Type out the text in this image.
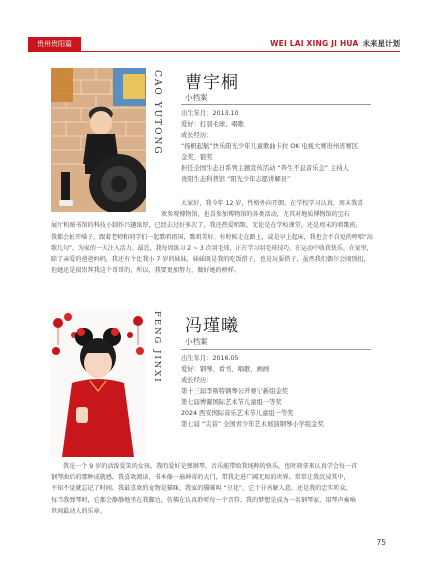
贵州贵阳篇	WEI LAI XING JI HUA 未来星计划
CAO YUTONG 曹宇桐
小档案
出生年月：2013.10
爱好：打羽毛球、唱歌
成长经历：
“扬帆起航”快乐阳光少年儿童歌曲卡拉 OK 电视大赛贵州省赛区
金奖、银奖
担任全国生态日系列主题宣传活动 “奔生不息音乐会” 主持人
贵阳生态科普馆 “阳光少年志愿讲解员”
大家好，我今年 12 岁，性格外向开朗，在学校学习认真，周末我喜
欢参观博物馆，也喜参加博物馆的各类活动，尤其对地质博物馆的宝石
展厅和图书馆的科技小制作兴趣浓厚，已经去过好多次了，我还热爱唱歌，无论是在学校课堂，还是周末的唱歌班，
我都会扯开嗓子，跟着老师和同学们一起歌唱祖国，歌唱美好。有时候走在路上，或是早上起床，我也会不自觉的哼唱“高
歌几句”，为家的一天注入活力。最近，我每周练习 2 ~ 3 次羽毛球，正在学习羽毛球技巧，在运动中收获快乐。在家里，
除了亲爱的爸爸妈妈，我还有个比我小 7 岁的妹妹，妹妹既是我的吃饭搭子，也是玩耍搭子，虽然我们偶尔会闹别扭，
但她还是很崇拜我这个哥哥的，所以，我要更加努力，做好她的榜样。
FENG JINXI 冯瑾曦
小档案
出生年月：2016.05
爱好：钢琴、看书、唱歌、画画
成长经历：
第十三届李斯特钢琴公开赛宁新组金奖
第七届博鳌国际艺术节儿童组一等奖
2024 西安国际音乐艺术节儿童组一等奖
第七届 “尖音” 全国青少年艺术展演钢琴小学组金奖
我是一个 9 岁的活泼爱笑的女孩。我的爱好是弹钢琴，音乐能带给我纯粹的快乐，也时刻拿来认真学会每一首
钢琴曲后的那种成就感。我喜欢阅读，书本像一扇神奇的大门，带我走进广阔无垠的世界。常常让我沉浸其中，
不知不觉就忘记了时间。我最喜欢的宠物是猫咪，我家的猫咪叫 “豆花”，它十分善解人意，还是我的忠实听众，
每当我弹琴时，它都会静静地坐在我脚边，仿佛在认真聆听每一个音符。我的梦想是成为一名钢琴家，用琴声奏响
世间最动人的乐章。
75
